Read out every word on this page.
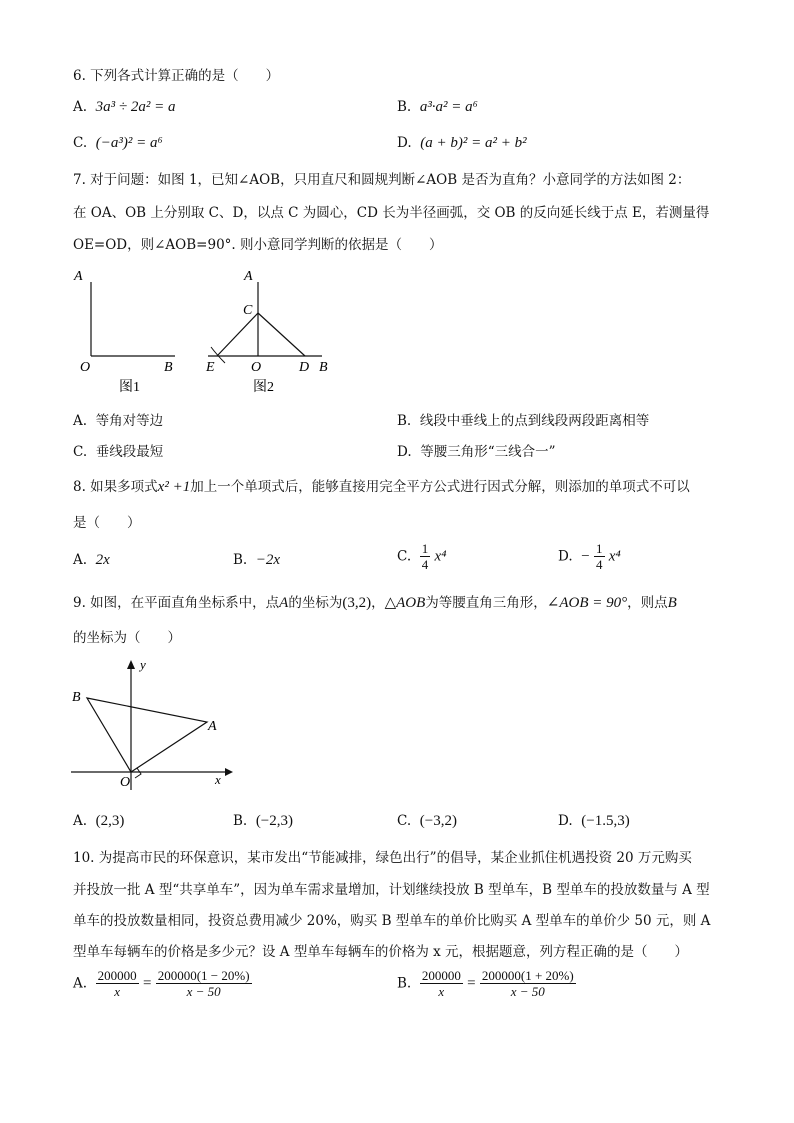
6. 下列各式计算正确的是（　　）
A. 3a³ ÷ 2a² = a	B. a³·a² = a⁶
C. (−a³)² = a⁶	D. (a + b)² = a² + b²
7. 对于问题：如图 1，已知∠AOB，只用直尺和圆规判断∠AOB 是否为直角？小意同学的方法如图 2：
在 OA、OB 上分别取 C、D，以点 C 为圆心，CD 长为半径画弧，交 OB 的反向延长线于点 E，若测量得
OE=OD，则∠AOB=90°. 则小意同学判断的依据是（　　）
A
O	B
图1
A
C
E	O	D B
图2
A. 等角对等边	B. 线段中垂线上的点到线段两段距离相等
C. 垂线段最短	D. 等腰三角形“三线合一”
8. 如果多项式x² +1加上一个单项式后，能够直接用完全平方公式进行因式分解，则添加的单项式不可以
是（　　）
A. 2x	B. −2x	C. $\frac{1}{4} x^4$	D. − $\frac{1}{4} x^4$
9. 如图，在平面直角坐标系中，点A的坐标为(3,2)，△AOB为等腰直角三角形，∠AOB = 90°，则点B
的坐标为（　　）
y
x
B
A
O
A. (2,3)	B. (−2,3)	C. (−3,2)	D. (−1.5,3)
10. 为提高市民的环保意识，某市发出“节能减排，绿色出行”的倡导，某企业抓住机遇投资 20 万元购买
并投放一批 A 型“共享单车”，因为单车需求量增加，计划继续投放 B 型单车，B 型单车的投放数量与 A 型
单车的投放数量相同，投资总费用减少 20%，购买 B 型单车的单价比购买 A 型单车的单价少 50 元，则 A
型单车每辆车的价格是多少元？设 A 型单车每辆车的价格为 x 元，根据题意，列方程正确的是（　　）
A. $\frac{200000}{x} = \frac{200000(1 - 20\%)}{x - 50}$	B. $\frac{200000}{x} = \frac{200000(1 + 20\%)}{x - 50}$
